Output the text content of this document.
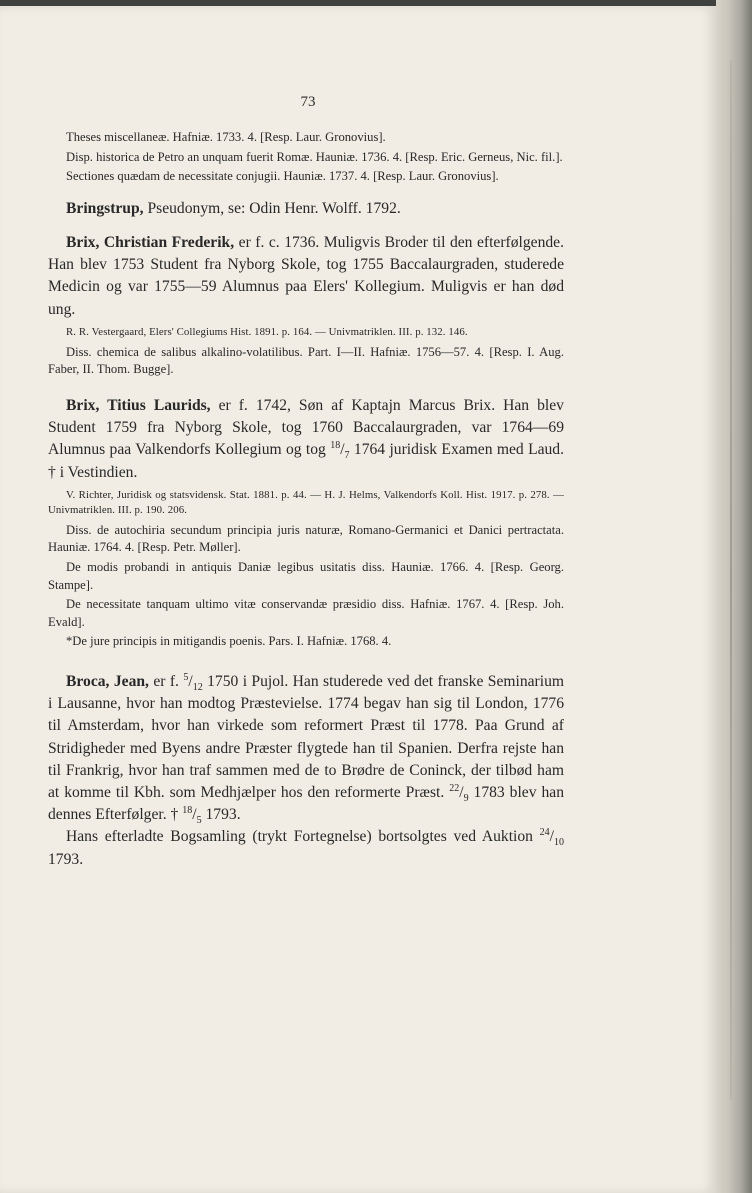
73

Theses miscellaneæ. Hafniæ. 1733. 4. [Resp. Laur. Gronovius].

Disp. historica de Petro an unquam fuerit Romæ. Hauniæ. 1736. 4. [Resp. Eric. Gerneus, Nic. fil.].

Sectiones quædam de necessitate conjugii. Hauniæ. 1737. 4. [Resp. Laur. Gronovius].

Bringstrup, Pseudonym, se: Odin Henr. Wolff. 1792.

Brix, Christian Frederik, er f. c. 1736. Muligvis Broder til den efterfølgende. Han blev 1753 Student fra Nyborg Skole, tog 1755 Baccalaurgraden, studerede Medicin og var 1755—59 Alumnus paa Elers' Kollegium. Muligvis er han død ung.

R. R. Vestergaard, Elers' Collegiums Hist. 1891. p. 164. — Univmatriklen. III. p. 132. 146.

Diss. chemica de salibus alkalino-volatilibus. Part. I—II. Hafniæ. 1756—57. 4. [Resp. I. Aug. Faber, II. Thom. Bugge].

Brix, Titius Laurids, er f. 1742, Søn af Kaptajn Marcus Brix. Han blev Student 1759 fra Nyborg Skole, tog 1760 Baccalaurgraden, var 1764—69 Alumnus paa Valkendorfs Kollegium og tog $^{18}/_7$ 1764 juridisk Examen med Laud. † i Vestindien.

V. Richter, Juridisk og statsvidensk. Stat. 1881. p. 44. — H. J. Helms, Valkendorfs Koll. Hist. 1917. p. 278. — Univmatriklen. III. p. 190. 206.

Diss. de autochiria secundum principia juris naturæ, Romano-Germanici et Danici pertractata. Hauniæ. 1764. 4. [Resp. Petr. Møller].

De modis probandi in antiquis Daniæ legibus usitatis diss. Hauniæ. 1766. 4. [Resp. Georg. Stampe].

De necessitate tanquam ultimo vitæ conservandæ præsidio diss. Hafniæ. 1767. 4. [Resp. Joh. Evald].

*De jure principis in mitigandis poenis. Pars. I. Hafniæ. 1768. 4.

Broca, Jean, er f. $^5/_{12}$ 1750 i Pujol. Han studerede ved det franske Seminarium i Lausanne, hvor han modtog Præstevielse. 1774 begav han sig til London, 1776 til Amsterdam, hvor han virkede som reformert Præst til 1778. Paa Grund af Stridigheder med Byens andre Præster flygtede han til Spanien. Derfra rejste han til Frankrig, hvor han traf sammen med de to Brødre de Coninck, der tilbød ham at komme til Kbh. som Medhjælper hos den reformerte Præst. $^{22}/_9$ 1783 blev han dennes Efterfølger. † $^{18}/_5$ 1793.

Hans efterladte Bogsamling (trykt Fortegnelse) bortsolgtes ved Auktion $^{24}/_{10}$ 1793.
